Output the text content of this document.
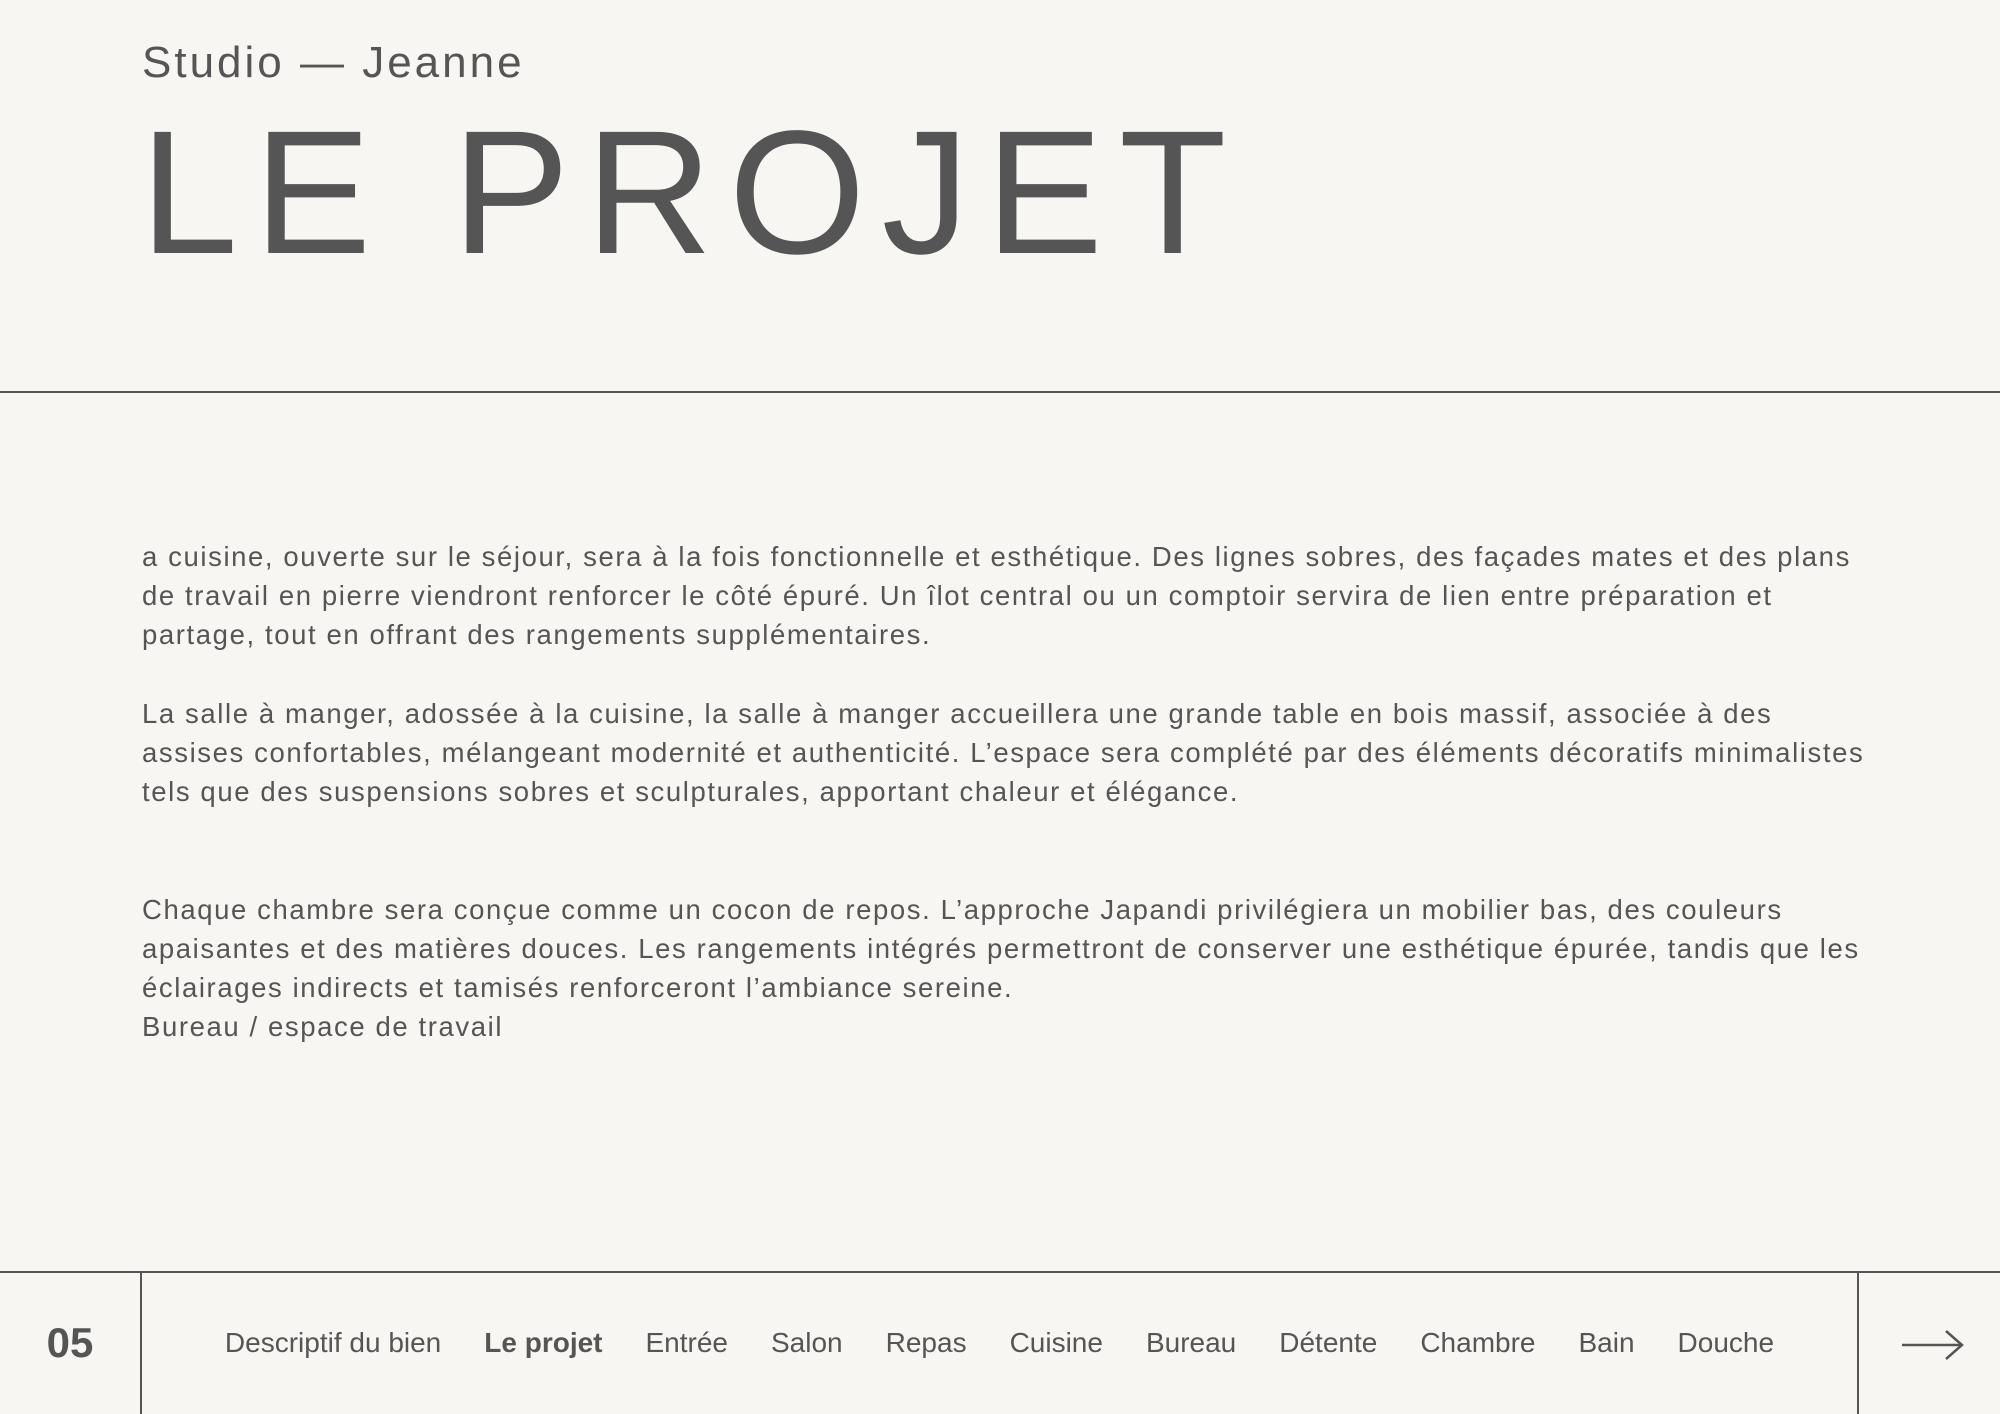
Studio — Jeanne
LE PROJET

a cuisine, ouverte sur le séjour, sera à la fois fonctionnelle et esthétique. Des lignes sobres, des façades mates et des plans de travail en pierre viendront renforcer le côté épuré. Un îlot central ou un comptoir servira de lien entre préparation et partage, tout en offrant des rangements supplémentaires.

La salle à manger, adossée à la cuisine, la salle à manger accueillera une grande table en bois massif, associée à des assises confortables, mélangeant modernité et authenticité. L’espace sera complété par des éléments décoratifs minimalistes tels que des suspensions sobres et sculpturales, apportant chaleur et élégance.

Chaque chambre sera conçue comme un cocon de repos. L’approche Japandi privilégiera un mobilier bas, des couleurs apaisantes et des matières douces. Les rangements intégrés permettront de conserver une esthétique épurée, tandis que les éclairages indirects et tamisés renforceront l’ambiance sereine.
Bureau / espace de travail
05	Descriptif du bien Le projet Entrée Salon Repas Cuisine Bureau Détente Chambre Bain Douche
